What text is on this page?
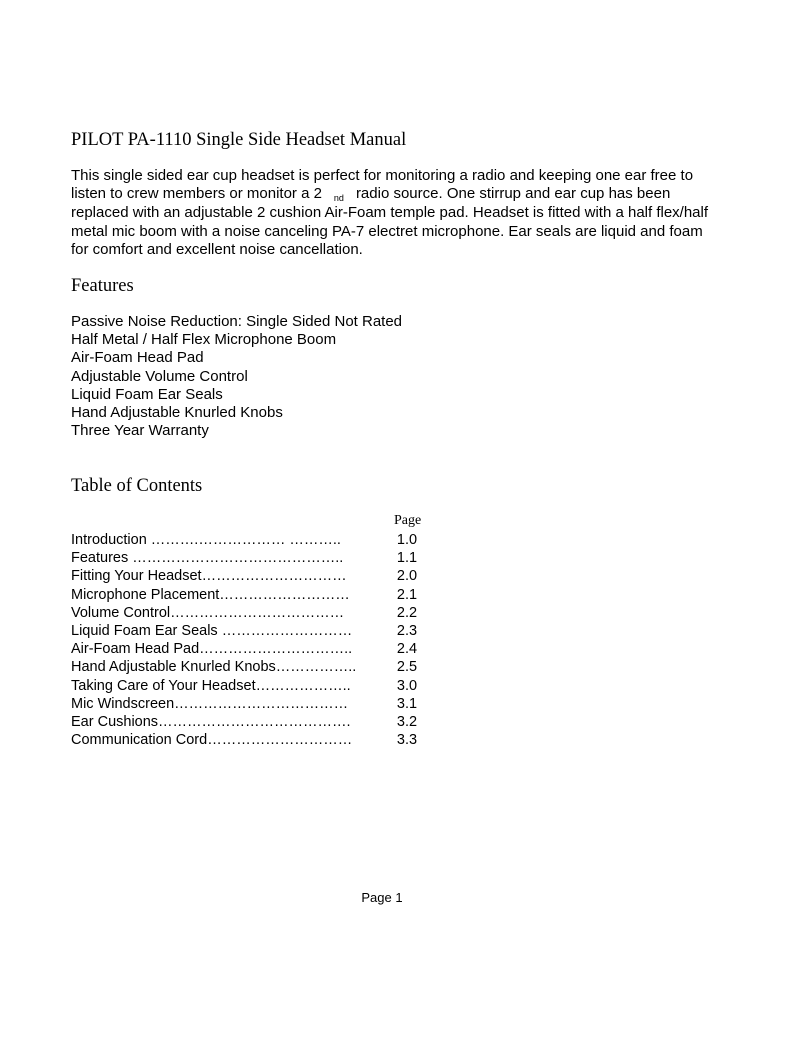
PILOT PA-1110 Single Side Headset Manual
This single sided ear cup headset is perfect for monitoring a radio and keeping one ear free to
listen to crew members or monitor a 2 $^{nd}$ radio source. One stirrup and ear cup has been
replaced with an adjustable 2 cushion Air-Foam temple pad. Headset is fitted with a half flex/half
metal mic boom with a noise canceling PA-7 electret microphone. Ear seals are liquid and foam
for comfort and excellent noise cancellation.
Features
Passive Noise Reduction: Single Sided Not Rated
Half Metal / Half Flex Microphone Boom
Air-Foam Head Pad
Adjustable Volume Control
Liquid Foam Ear Seals
Hand Adjustable Knurled Knobs
Three Year Warranty
Table of Contents
Page
Introduction ……….……………… ………..	1.0
Features ……………………………………..	1.1
Fitting Your Headset…………………………	2.0
Microphone Placement………………………	2.1
Volume Control………………………………	2.2
Liquid Foam Ear Seals ………………………	2.3
Air-Foam Head Pad…………………………..	2.4
Hand Adjustable Knurled Knobs……………..	2.5
Taking Care of Your Headset………………..	3.0
Mic Windscreen………………………………	3.1
Ear Cushions………………………………….	3.2
Communication Cord…………………………	3.3
Page 1
